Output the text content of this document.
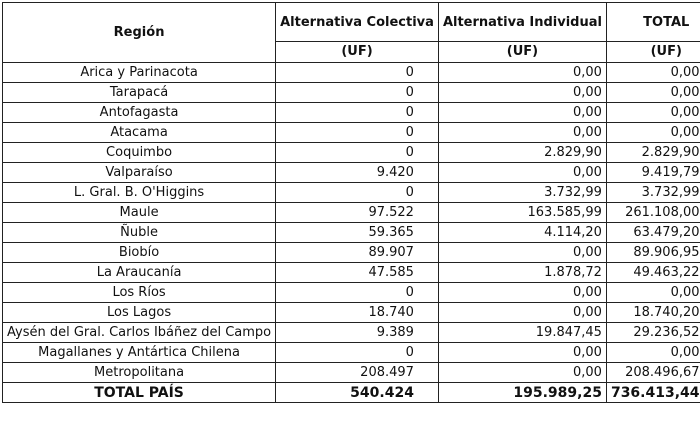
Región	Alternativa Colectiva	Alternativa Individual	TOTAL
	(UF)	(UF)	(UF)
Arica y Parinacota	0	0,00	0,00
Tarapacá	0	0,00	0,00
Antofagasta	0	0,00	0,00
Atacama	0	0,00	0,00
Coquimbo	0	2.829,90	2.829,90
Valparaíso	9.420	0,00	9.419,79
L. Gral. B. O'Higgins	0	3.732,99	3.732,99
Maule	97.522	163.585,99	261.108,00
Ñuble	59.365	4.114,20	63.479,20
Biobío	89.907	0,00	89.906,95
La Araucanía	47.585	1.878,72	49.463,22
Los Ríos	0	0,00	0,00
Los Lagos	18.740	0,00	18.740,20
Aysén del Gral. Carlos Ibáñez del Campo	9.389	19.847,45	29.236,52
Magallanes y Antártica Chilena	0	0,00	0,00
Metropolitana	208.497	0,00	208.496,67
TOTAL PAÍS	540.424	195.989,25	736.413,44
